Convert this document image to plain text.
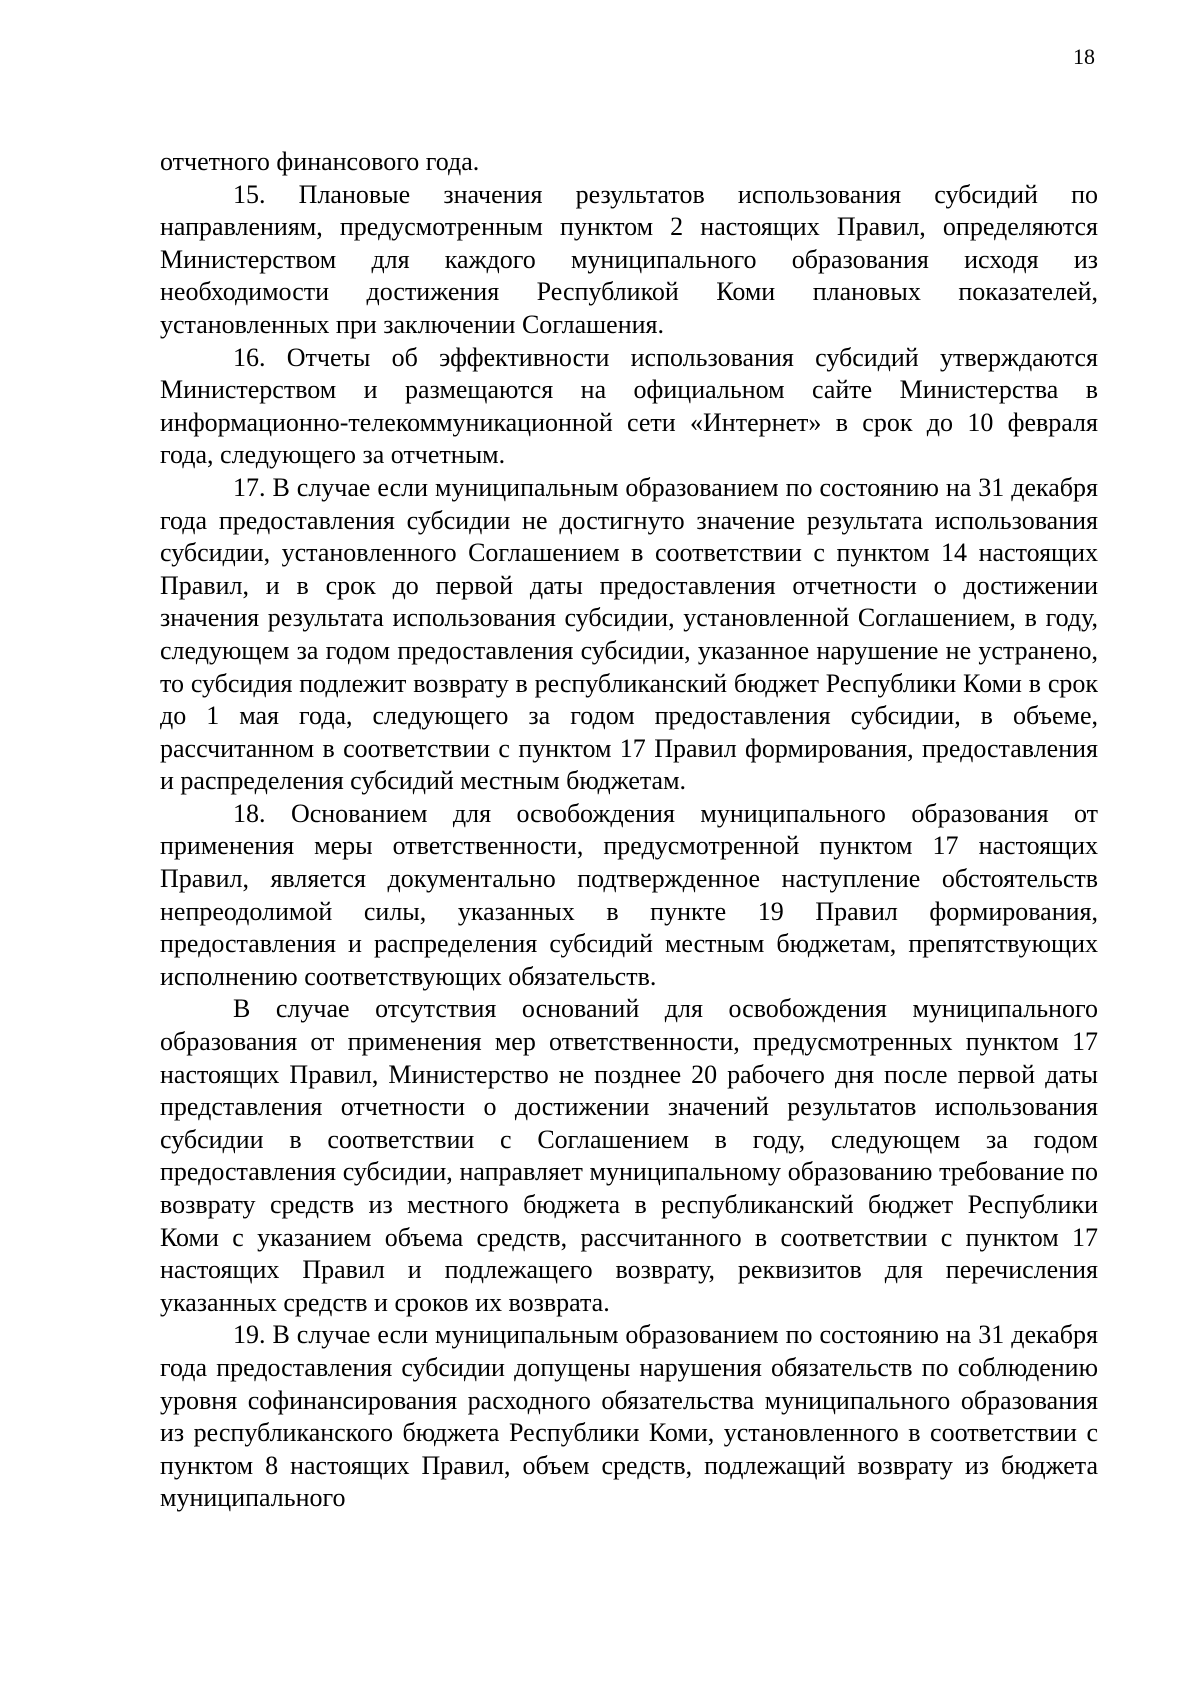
18

отчетного финансового года.

15. Плановые значения результатов использования субсидий по направлениям, предусмотренным пунктом 2 настоящих Правил, определяются Министерством для каждого муниципального образования исходя из необходимости достижения Республикой Коми плановых показателей, установленных при заключении Соглашения.

16. Отчеты об эффективности использования субсидий утверждаются Министерством и размещаются на официальном сайте Министерства в информационно-телекоммуникационной сети «Интернет» в срок до 10 февраля года, следующего за отчетным.

17. В случае если муниципальным образованием по состоянию на 31 декабря года предоставления субсидии не достигнуто значение результата использования субсидии, установленного Соглашением в соответствии с пунктом 14 настоящих Правил, и в срок до первой даты предоставления отчетности о достижении значения результата использования субсидии, установленной Соглашением, в году, следующем за годом предоставления субсидии, указанное нарушение не устранено, то субсидия подлежит возврату в республиканский бюджет Республики Коми в срок до 1 мая года, следующего за годом предоставления субсидии, в объеме, рассчитанном в соответствии с пунктом 17 Правил формирования, предоставления и распределения субсидий местным бюджетам.

18. Основанием для освобождения муниципального образования от применения меры ответственности, предусмотренной пунктом 17 настоящих Правил, является документально подтвержденное наступление обстоятельств непреодолимой силы, указанных в пункте 19 Правил формирования, предоставления и распределения субсидий местным бюджетам, препятствующих исполнению соответствующих обязательств.

В случае отсутствия оснований для освобождения муниципального образования от применения мер ответственности, предусмотренных пунктом 17 настоящих Правил, Министерство не позднее 20 рабочего дня после первой даты представления отчетности о достижении значений результатов использования субсидии в соответствии с Соглашением в году, следующем за годом предоставления субсидии, направляет муниципальному образованию требование по возврату средств из местного бюджета в республиканский бюджет Республики Коми с указанием объема средств, рассчитанного в соответствии с пунктом 17 настоящих Правил и подлежащего возврату, реквизитов для перечисления указанных средств и сроков их возврата.

19. В случае если муниципальным образованием по состоянию на 31 декабря года предоставления субсидии допущены нарушения обязательств по соблюдению уровня софинансирования расходного обязательства муниципального образования из республиканского бюджета Республики Коми, установленного в соответствии с пунктом 8 настоящих Правил, объем средств, подлежащий возврату из бюджета муниципального
